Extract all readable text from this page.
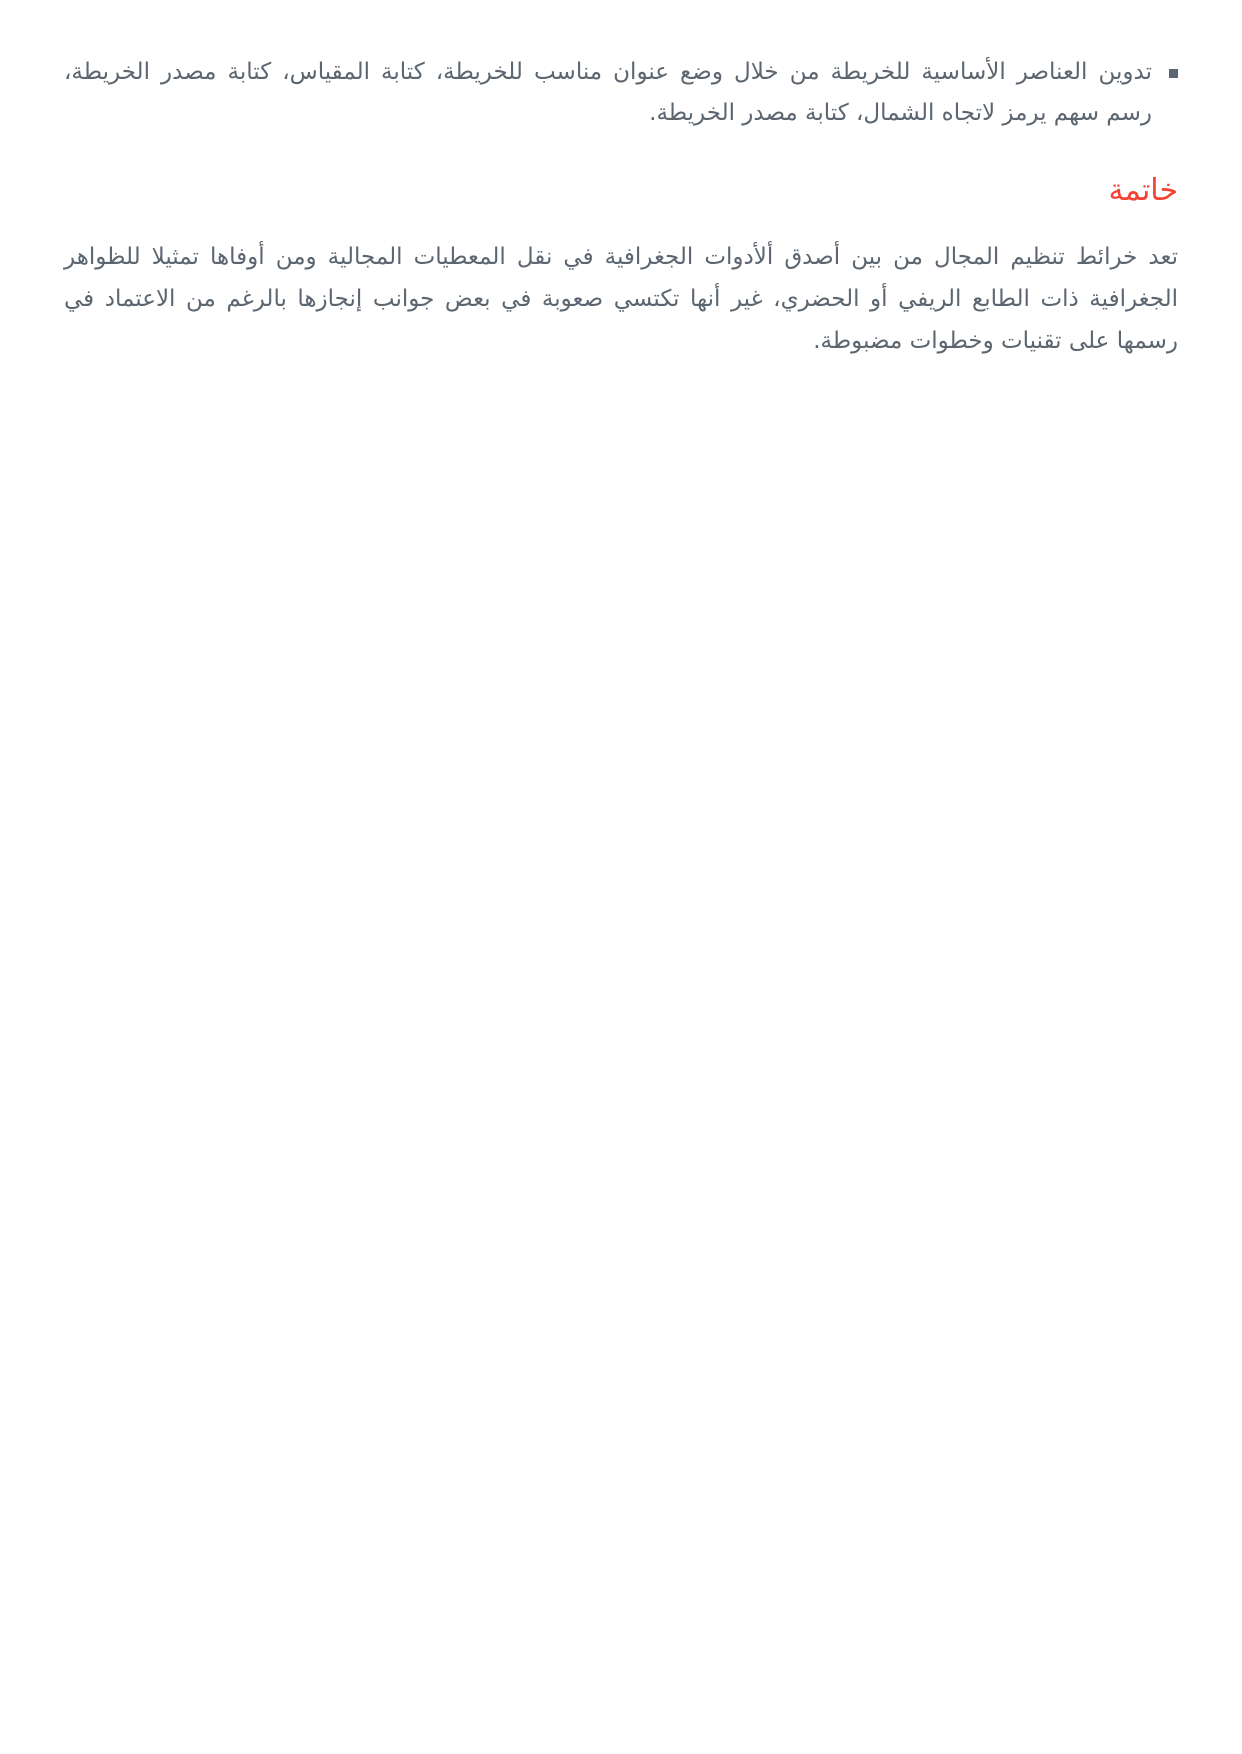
تدوين العناصر الأساسية للخريطة من خلال وضع عنوان مناسب للخريطة، كتابة المقياس، كتابة مصدر الخريطة، رسم سهم يرمز لاتجاه الشمال، كتابة مصدر الخريطة.

خاتمة

تعد خرائط تنظيم المجال من بين أصدق ألأدوات الجغرافية في نقل المعطيات المجالية ومن أوفاها تمثيلا للظواهر الجغرافية ذات الطابع الريفي أو الحضري، غير أنها تكتسي صعوبة في بعض جوانب إنجازها بالرغم من الاعتماد في رسمها على تقنيات وخطوات مضبوطة.
